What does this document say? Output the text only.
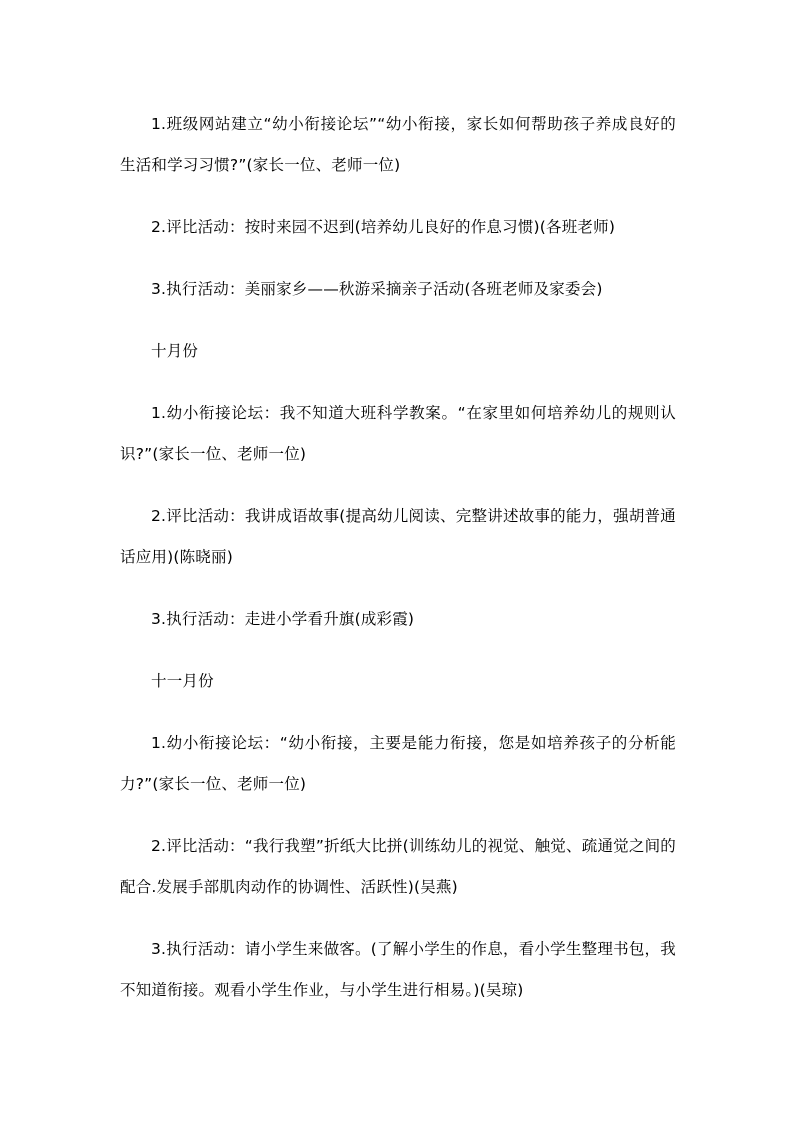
1.班级网站建立“幼小衔接论坛”“幼小衔接，家长如何帮助孩子养成良好的生活和学习习惯?”(家长一位、老师一位)

2.评比活动：按时来园不迟到(培养幼儿良好的作息习惯)(各班老师)

3.执行活动：美丽家乡——秋游采摘亲子活动(各班老师及家委会)

十月份

1.幼小衔接论坛：我不知道大班科学教案。“在家里如何培养幼儿的规则认识?”(家长一位、老师一位)

2.评比活动：我讲成语故事(提高幼儿阅读、完整讲述故事的能力，强胡普通话应用)(陈晓丽)

3.执行活动：走进小学看升旗(成彩霞)

十一月份

1.幼小衔接论坛：“幼小衔接，主要是能力衔接，您是如培养孩子的分析能力?”(家长一位、老师一位)

2.评比活动：“我行我塑”折纸大比拼(训练幼儿的视觉、触觉、疏通觉之间的配合.发展手部肌肉动作的协调性、活跃性)(吴燕)

3.执行活动：请小学生来做客。(了解小学生的作息，看小学生整理书包，我不知道衔接。观看小学生作业，与小学生进行相易。)(吴琼)
